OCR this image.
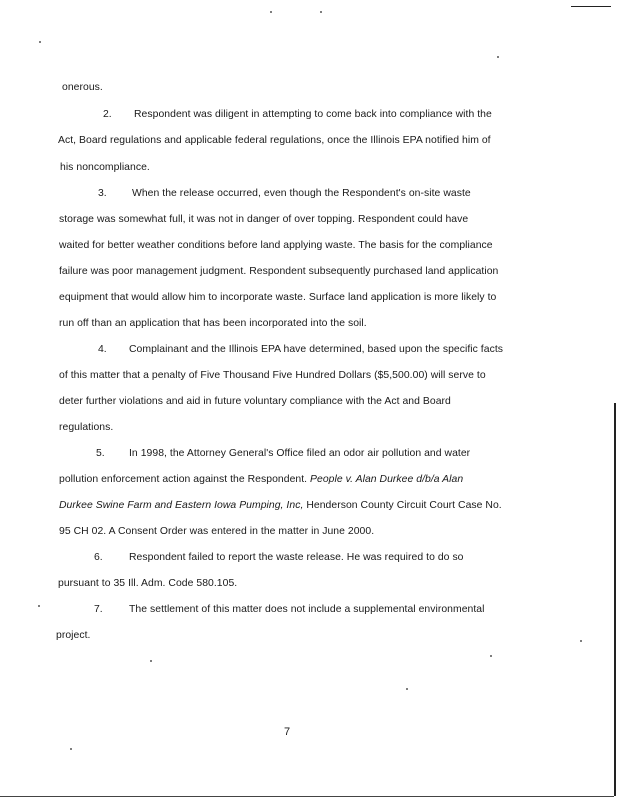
onerous.
2. Respondent was diligent in attempting to come back into compliance with the
Act, Board regulations and applicable federal regulations, once the Illinois EPA notified him of
his noncompliance.
3. When the release occurred, even though the Respondent's on-site waste
storage was somewhat full, it was not in danger of over topping. Respondent could have
waited for better weather conditions before land applying waste. The basis for the compliance
failure was poor management judgment. Respondent subsequently purchased land application
equipment that would allow him to incorporate waste. Surface land application is more likely to
run off than an application that has been incorporated into the soil.
4. Complainant and the Illinois EPA have determined, based upon the specific facts
of this matter that a penalty of Five Thousand Five Hundred Dollars ($5,500.00) will serve to
deter further violations and aid in future voluntary compliance with the Act and Board
regulations.
5. In 1998, the Attorney General's Office filed an odor air pollution and water
pollution enforcement action against the Respondent. People v. Alan Durkee d/b/a Alan
Durkee Swine Farm and Eastern Iowa Pumping, Inc, Henderson County Circuit Court Case No.
95 CH 02. A Consent Order was entered in the matter in June 2000.
6.	Respondent failed to report the waste release. He was required to do so
pursuant to 35 Ill. Adm. Code 580.105.
7.	The settlement of this matter does not include a supplemental environmental
project.
7
